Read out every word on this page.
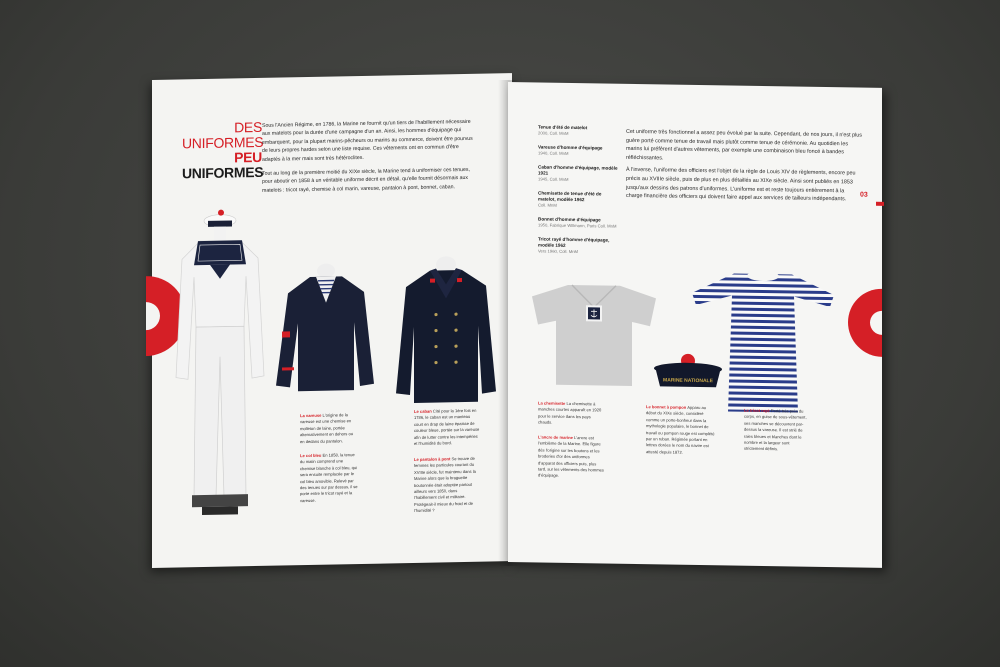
DES
UNIFORMES
PEU
UNIFORMES
Sous l'Ancien Régime, en 1786, la Marine ne fournit qu'un tiers de l'habillement nécessaire aux matelots pour la durée d'une campagne d'un an. Ainsi, les hommes d'équipage qui embarquent, pour la plupart marins-pêcheurs ou marins au commerce, doivent être pourvus de leurs propres hardes selon une liste requise. Ces vêtements ont en commun d'être adaptés à la mer mais sont très hétéroclites.
Tout au long de la première moitié du XIXe siècle, la Marine tend à uniformiser ces tenues, pour aboutir en 1858 à un véritable uniforme décrit en détail, qu'elle fournit désormais aux matelots : tricot rayé, chemise à col marin, vareuse, pantalon à pont, bonnet, caban.
La vareuse L'origine de la vareuse est une chemise en molleton de laine, portée alternativement en dehors ou en dedans du pantalon.
Le col bleu En 1858, la tenue du matin comprend une chemise blanche à col bleu, qui sera ensuite remplacée par le col bleu amovible. Relevé par des tenues sur par dessus, il se porte entre le tricot rayé et la vareuse.
Le caban Cité pour la 1ère fois en 1786, le caban est un manteau court en drap de laine épaisse de couleur bleue, portée sur la vareuse afin de lutter contre les intempéries et l'humidité du bord.
Le pantalon à pont Se trouve de femmes les particules courant du XVIIIe siècle, fut maintenu dans la Marine alors que la braguette boutonnée était adoptée partout ailleurs vers 1850, dans l'habillement civil et militaire. Protégeait-il mieux du froid et de l'humidité ?
Tenue d'été de matelot
2000, Coll. MnM
Vareuse d'homme d'équipage
1940, Coll. MnM
Caban d'homme d'équipage, modèle 1921
1945, Coll. MnM
Chemisette de tenue d'été de matelot, modèle 1962
Coll. MnM
Bonnet d'homme d'équipage
1950, Fabrique Willmann, Paris Coll. MnM
Tricot rayé d'homme d'équipage, modèle 1962
Vers 1960, Coll. MnM

Cet uniforme très fonctionnel a assez peu évolué par la suite. Cependant, de nos jours, il n'est plus guère porté comme tenue de travail mais plutôt comme tenue de cérémonie. Au quotidien les marins lui préfèrent d'autres vêtements, par exemple une combinaison bleu foncé à bandes réfléchissantes.

À l'inverse, l'uniforme des officiers est l'objet de la règle de Louis XIV de règlements, encore peu précis au XVIIIe siècle, puis de plus en plus détaillés au XIXe siècle. Ainsi sont publiés en 1853 jusqu'aux dessins des patrons d'uniformes. L'uniforme est et reste toujours entièrement à la charge financière des officiers qui doivent faire appel aux services de tailleurs indépendants.	03
MARINE NATIONALE
La chemisette La chemisette à manches courtes apparaît en 1920 pour le service dans les pays chauds.
L'ancre de marine L'ancre est l'emblème de la Marine. Elle figure dès l'origine sur les boutons et les broderies d'or des uniformes d'apparat des officiers puis, plus tard, sur les vêtements des hommes d'équipage.
Le bonnet à pompon Apparu au début du XIXe siècle, considéré comme un porte-bonheur dans la mythologie populaire, le bonnet de travail ou pompon rouge est complété par un ruban. Régimée portant en lettres dorées le nom du navire est attesté depuis 1872.
Le tricot rayé Porté très près du corps, en guise de sous-vêtement, ses manches se découvrent par-dessus la vareuse. Il est strié de raies bleues et blanches dont le nombre et la largeur sont strictement définis.
